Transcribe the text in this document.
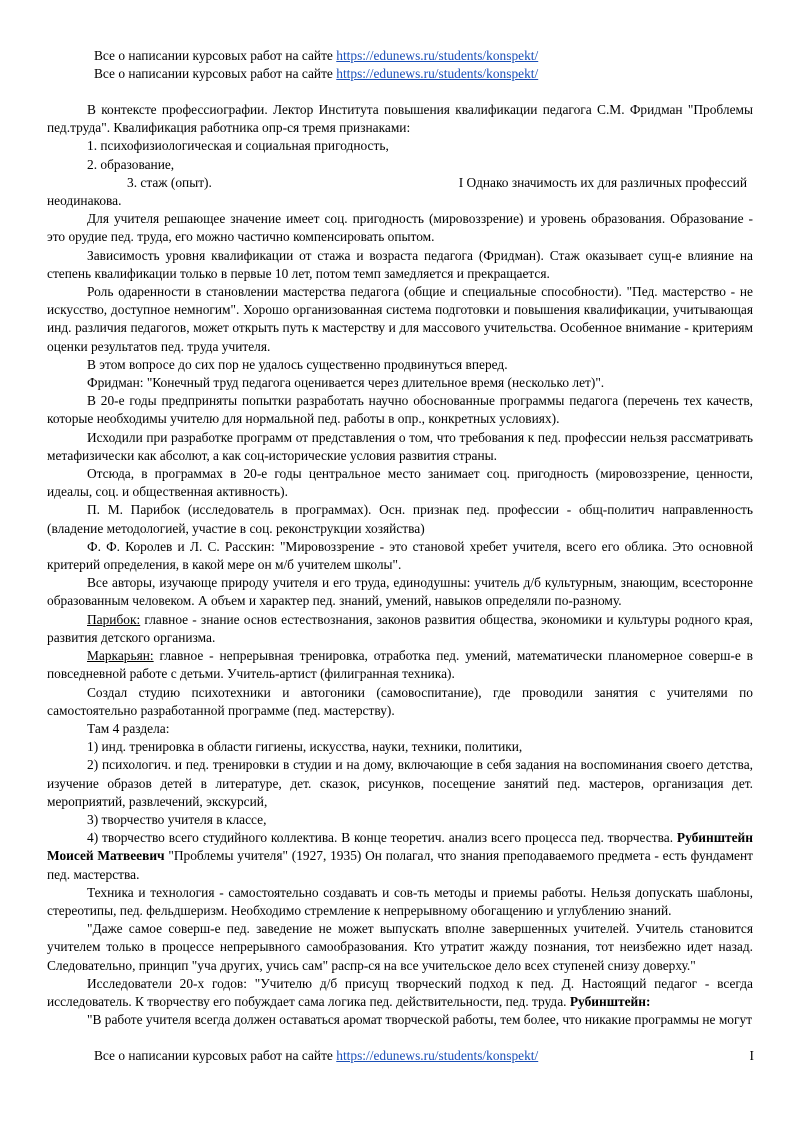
Все о написании курсовых работ на сайте https://edunews.ru/students/konspekt/
Все о написании курсовых работ на сайте https://edunews.ru/students/konspekt/

В контексте профессиографии. Лектор Института повышения квалификации педагога С.М. Фридман "Проблемы пед.труда". Квалификация работника опр-ся тремя признаками:

1. психофизиологическая и социальная пригодность,

2. образование,

3. стаж (опыт).	I Однако значимость их для различных профессий

неодинакова.

Для учителя решающее значение имеет соц. пригодность (мировоззрение) и уровень образования. Образование - это орудие пед. труда, его можно частично компенсировать опытом.

Зависимость уровня квалификации от стажа и возраста педагога (Фридман). Стаж оказывает сущ-е влияние на степень квалификации только в первые 10 лет, потом темп замедляется и прекращается.

Роль одаренности в становлении мастерства педагога (общие и специальные способности). "Пед. мастерство - не искусство, доступное немногим". Хорошо организованная система подготовки и повышения квалификации, учитывающая инд. различия педагогов, может открыть путь к мастерству и для массового учительства. Особенное внимание - критериям оценки результатов пед. труда учителя.

В этом вопросе до сих пор не удалось существенно продвинуться вперед.

Фридман: "Конечный труд педагога оценивается через длительное время (несколько лет)".

В 20-е годы предприняты попытки разработать научно обоснованные программы педагога (перечень тех качеств, которые необходимы учителю для нормальной пед. работы в опр., конкретных условиях).

Исходили при разработке программ от представления о том, что требования к пед. профессии нельзя рассматривать метафизически как абсолют, а как соц-исторические условия развития страны.

Отсюда, в программах в 20-е годы центральное место занимает соц. пригодность (мировоззрение, ценности, идеалы, соц. и общественная активность).

П. М. Парибок (исследователь в программах). Осн. признак пед. профессии - общ-политич направленность (владение методологией, участие в соц. реконструкции хозяйства)

Ф. Ф. Королев и Л. С. Расскин: "Мировоззрение - это становой хребет учителя, всего его облика. Это основной критерий определения, в какой мере он м/б учителем школы".

Все авторы, изучающе природу учителя и его труда, единодушны: учитель д/б культурным, знающим, всесторонне образованным человеком. А объем и характер пед. знаний, умений, навыков определяли по-разному.

Парибок: главное - знание основ естествознания, законов развития общества, экономики и культуры родного края, развития детского организма.

Маркарьян: главное - непрерывная тренировка, отработка пед. умений, математически планомерное соверш-е в повседневной работе с детьми. Учитель-артист (филигранная техника).

Создал студию психотехники и автогоники (самовоспитание), где проводили занятия с учителями по самостоятельно разработанной программе (пед. мастерству).

Там 4 раздела:

1) инд. тренировка в области гигиены, искусства, науки, техники, политики,

2) психологич. и пед. тренировки в студии и на дому, включающие в себя задания на воспоминания своего детства, изучение образов детей в литературе, дет. сказок, рисунков, посещение занятий пед. мастеров, организация дет. мероприятий, развлечений, экскурсий,

3) творчество учителя в классе,

4) творчество всего студийного коллектива. В конце теоретич. анализ всего процесса пед. творчества. Рубинштейн Моисей Матвеевич "Проблемы учителя" (1927, 1935) Он полагал, что знания преподаваемого предмета - есть фундамент пед. мастерства.

Техника и технология - самостоятельно создавать и сов-ть методы и приемы работы. Нельзя допускать шаблоны, стереотипы, пед. фельдшеризм. Необходимо стремление к непрерывному обогащению и углублению знаний.

"Даже самое соверш-е пед. заведение не может выпускать вполне завершенных учителей. Учитель становится учителем только в процессе непрерывного самообразования. Кто утратит жажду познания, тот неизбежно идет назад. Следовательно, принцип "уча других, учись сам" распр-ся на все учительское дело всех ступеней снизу доверху."

Исследователи 20-х годов: "Учителю д/б присущ творческий подход к пед. Д. Настоящий педагог - всегда исследователь. К творчеству его побуждает сама логика пед. действительности, пед. труда. Рубинштейн:

"В работе учителя всегда должен оставаться аромат творческой работы, тем более, что никакие программы не могут

Все о написании курсовых работ на сайте https://edunews.ru/students/konspekt/	I
